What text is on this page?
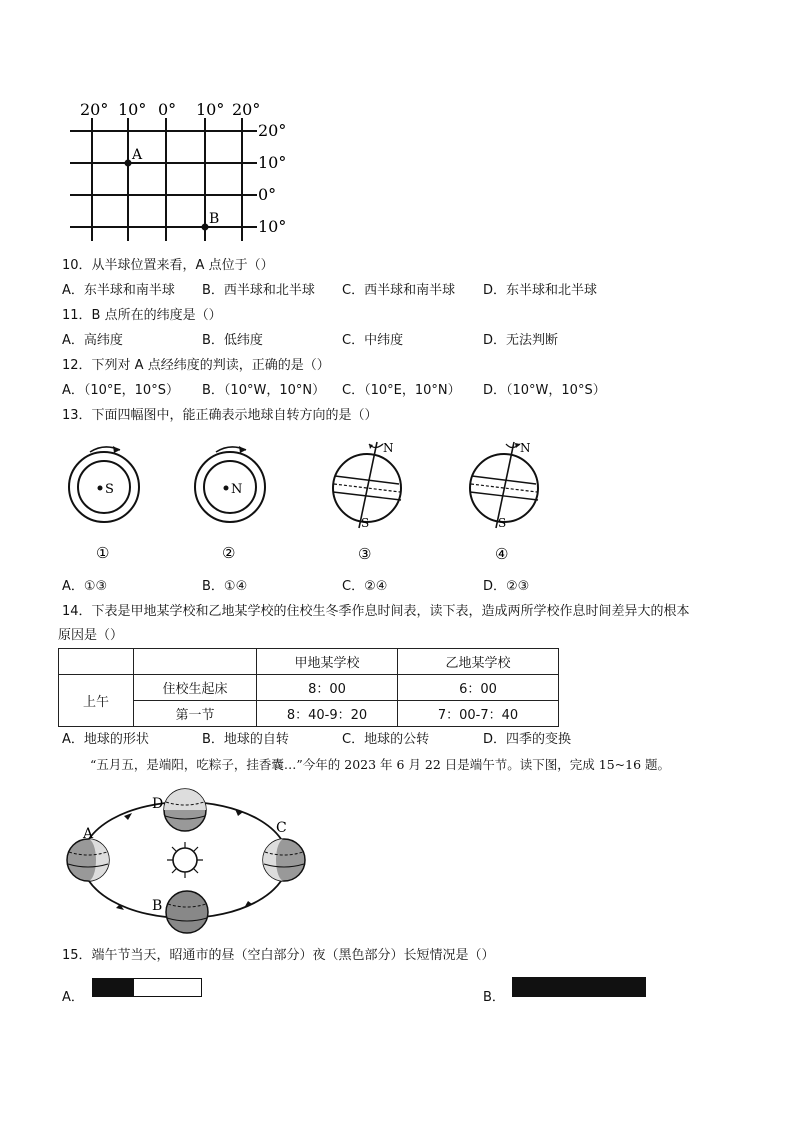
20° 10° 0° 10° 20°
20°
10°
0°
10°
A
B
10．从半球位置来看，A 点位于（）
A．东半球和南半球 B．西半球和北半球 C．西半球和南半球 D．东半球和北半球
11．B 点所在的纬度是（）
A．高纬度	B．低纬度	C．中纬度	D．无法判断
12．下列对 A 点经纬度的判读，正确的是（）
A．（10°E，10°S） B．（10°W，10°N） C．（10°E，10°N） D．（10°W，10°S）
13．下面四幅图中，能正确表示地球自转方向的是（）
S
①
N
②
N
S
③
N
S
④
A．①③	B．①④	C．②④	D．②③
14．下表是甲地某学校和乙地某学校的住校生冬季作息时间表，读下表，造成两所学校作息时间差异大的根本
原因是（）
		甲地某学校	乙地某学校
上午	住校生起床	8：00	6：00
	第一节	8：40-9：20	7：00-7：40
A．地球的形状	B．地球的自转	C．地球的公转	D．四季的变换
“五月五，是端阳，吃粽子，挂香囊…”今年的 2023 年 6 月 22 日是端午节。读下图，完成 15~16 题。
A
B
C
D
15．端午节当天，昭通市的昼（空白部分）夜（黑色部分）长短情况是（）
A．	B．
